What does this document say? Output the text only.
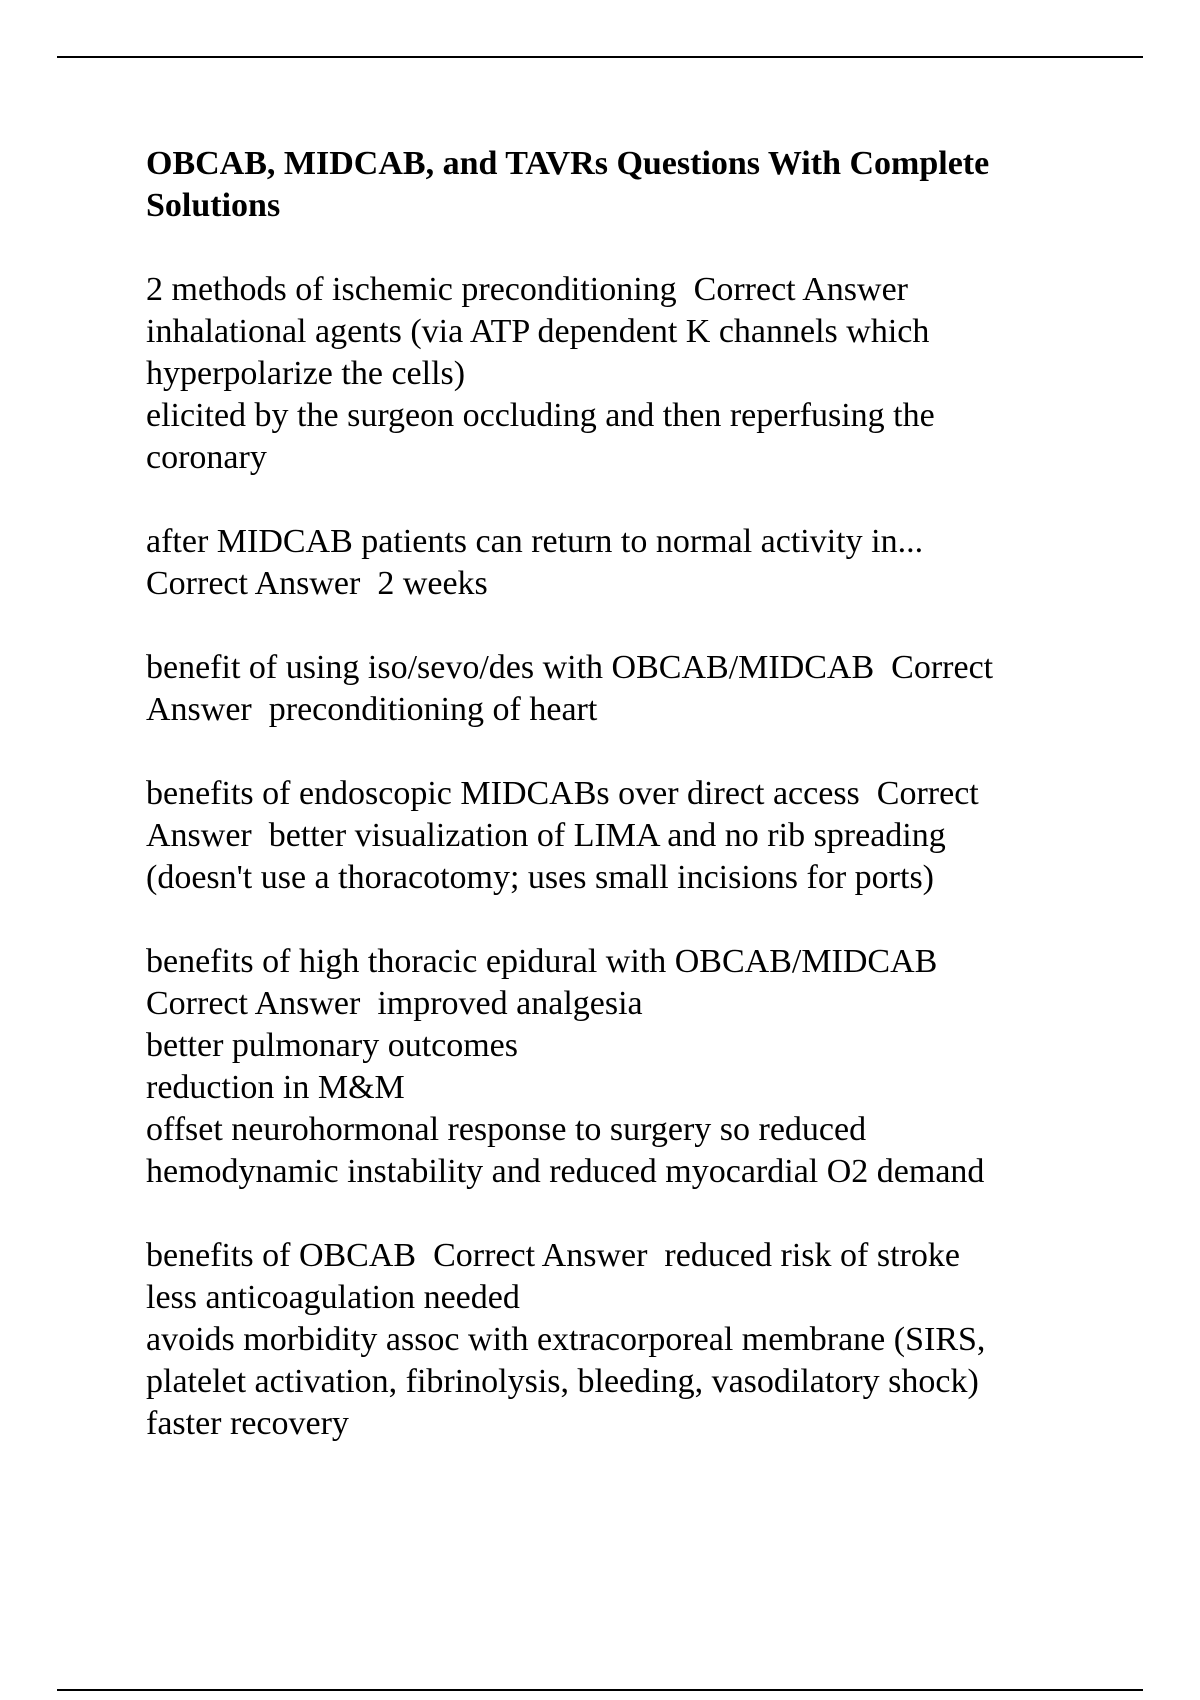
OBCAB, MIDCAB, and TAVRs Questions With Complete
Solutions
2 methods of ischemic preconditioning  Correct Answer
inhalational agents (via ATP dependent K channels which
hyperpolarize the cells)
elicited by the surgeon occluding and then reperfusing the
coronary
after MIDCAB patients can return to normal activity in...
Correct Answer  2 weeks
benefit of using iso/sevo/des with OBCAB/MIDCAB  Correct
Answer  preconditioning of heart
benefits of endoscopic MIDCABs over direct access  Correct
Answer  better visualization of LIMA and no rib spreading
(doesn't use a thoracotomy; uses small incisions for ports)
benefits of high thoracic epidural with OBCAB/MIDCAB
Correct Answer  improved analgesia
better pulmonary outcomes
reduction in M&M
offset neurohormonal response to surgery so reduced
hemodynamic instability and reduced myocardial O2 demand
benefits of OBCAB  Correct Answer  reduced risk of stroke
less anticoagulation needed
avoids morbidity assoc with extracorporeal membrane (SIRS,
platelet activation, fibrinolysis, bleeding, vasodilatory shock)
faster recovery
